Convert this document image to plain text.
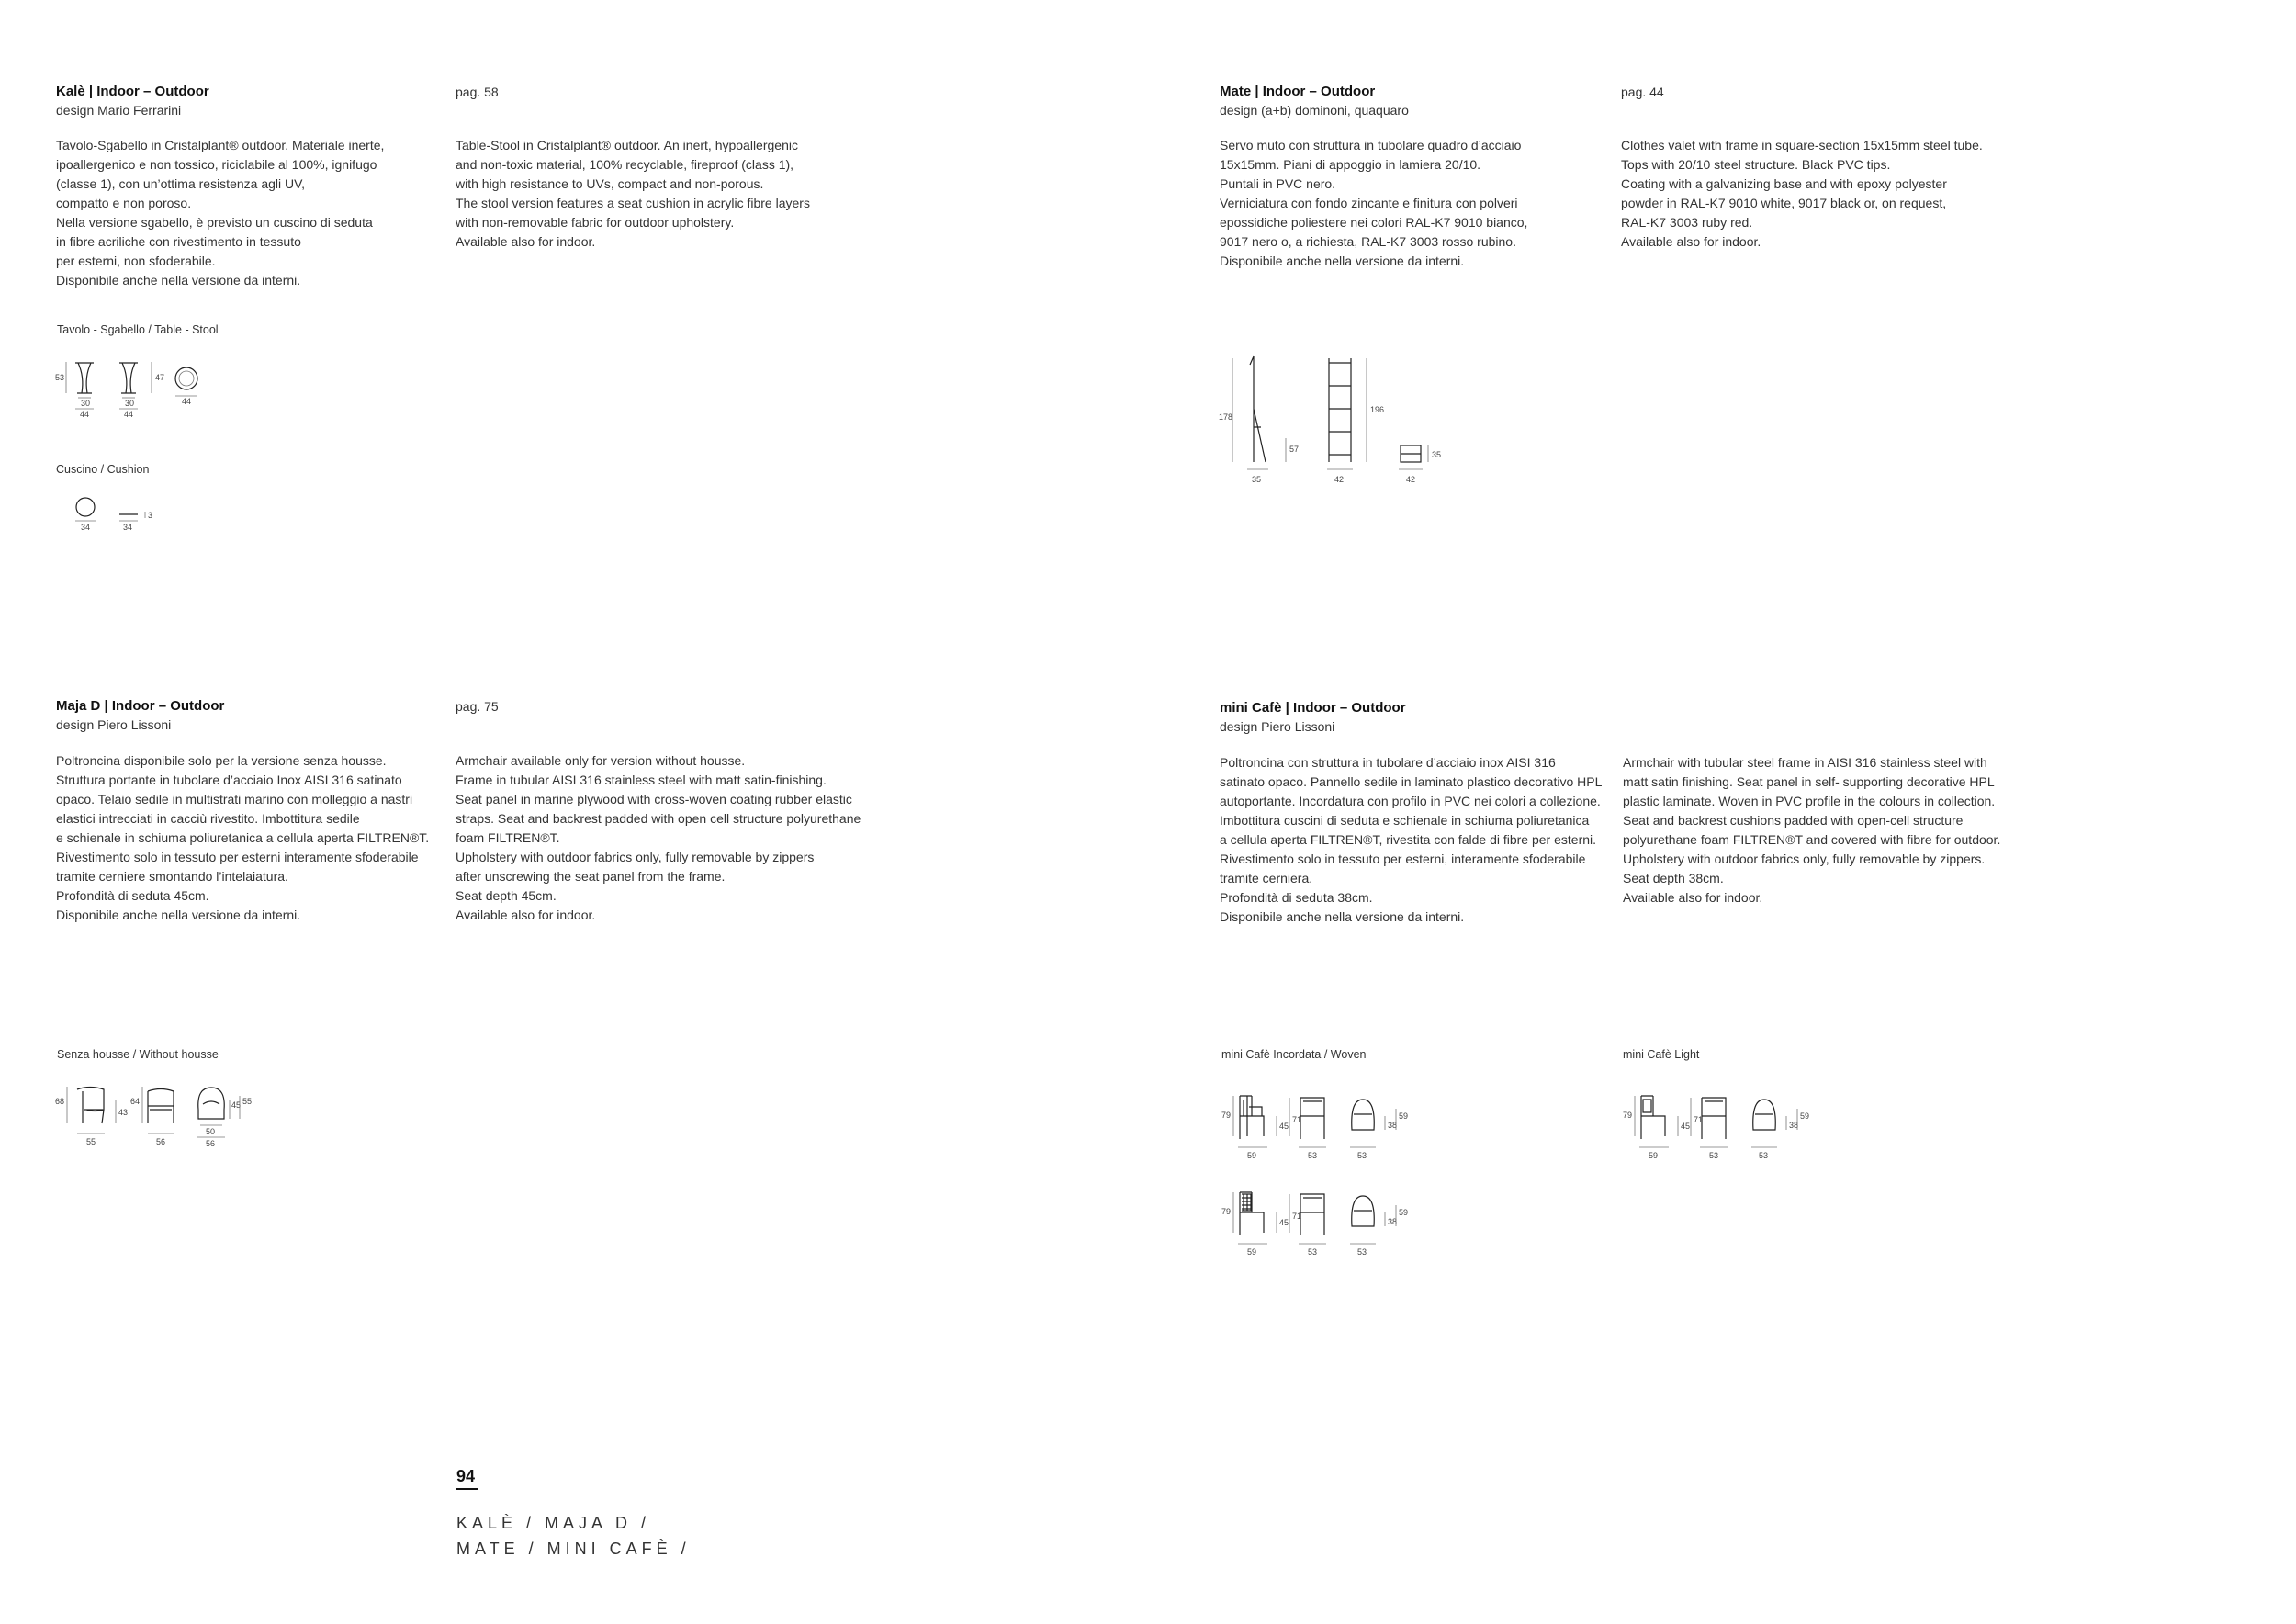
Kalè | Indoor – Outdoor

design Mario Ferrarini

pag. 58

Tavolo-Sgabello in Cristalplant® outdoor. Materiale inerte,

ipoallergenico e non tossico, riciclabile al 100%, ignifugo

(classe 1), con un’ottima resistenza agli UV,

compatto e non poroso.

Nella versione sgabello, è previsto un cuscino di seduta

in fibre acriliche con rivestimento in tessuto

per esterni, non sfoderabile.

Disponibile anche nella versione da interni.

Table-Stool in Cristalplant® outdoor. An inert, hypoallergenic

and non-toxic material, 100% recyclable, fireproof (class 1),

with high resistance to UVs, compact and non-porous.

The stool version features a seat cushion in acrylic fibre layers

with non-removable fabric for outdoor upholstery.

Available also for indoor.

Tavolo - Sgabello / Table - Stool
53
30
44
30
44
47
44
Cuscino / Cushion
34	34
3

Mate | Indoor – Outdoor

design (a+b) dominoni, quaquaro

pag. 44

Servo muto con struttura in tubolare quadro d’acciaio

15x15mm. Piani di appoggio in lamiera 20/10.

Puntali in PVC nero.

Verniciatura con fondo zincante e finitura con polveri

epossidiche poliestere nei colori RAL-K7 9010 bianco,

9017 nero o, a richiesta, RAL-K7 3003 rosso rubino.

Disponibile anche nella versione da interni.

Clothes valet with frame in square-section 15x15mm steel tube.

Tops with 20/10 steel structure. Black PVC tips.

Coating with a galvanizing base and with epoxy polyester

powder in RAL-K7 9010 white, 9017 black or, on request,

RAL-K7 3003 ruby red.

Available also for indoor.

178
35
57
42
196
42
35

Maja D | Indoor – Outdoor

design Piero Lissoni

pag. 75

Poltroncina disponibile solo per la versione senza housse.

Struttura portante in tubolare d’acciaio Inox AISI 316 satinato

opaco. Telaio sedile in multistrati marino con molleggio a nastri

elastici intrecciati in cacciù rivestito. Imbottitura sedile

e schienale in schiuma poliuretanica a cellula aperta FILTREN®T.

Rivestimento solo in tessuto per esterni interamente sfoderabile

tramite cerniere smontando l’intelaiatura.

Profondità di seduta 45cm.

Disponibile anche nella versione da interni.

Armchair available only for version without housse.

Frame in tubular AISI 316 stainless steel with matt satin-finishing.

Seat panel in marine plywood with cross-woven coating rubber elastic

straps. Seat and backrest padded with open cell structure polyurethane

foam FILTREN®T.

Upholstery with outdoor fabrics only, fully removable by zippers

after unscrewing the seat panel from the frame.

Seat depth 45cm.

Available also for indoor.

Senza housse / Without housse
68
55
43
64
56
50
56
45 55

mini Cafè | Indoor – Outdoor

design Piero Lissoni

Poltroncina con struttura in tubolare d’acciaio inox AISI 316

satinato opaco. Pannello sedile in laminato plastico decorativo HPL

autoportante. Incordatura con profilo in PVC nei colori a collezione.

Imbottitura cuscini di seduta e schienale in schiuma poliuretanica

a cellula aperta FILTREN®T, rivestita con falde di fibre per esterni.

Rivestimento solo in tessuto per esterni, interamente sfoderabile

tramite cerniera.

Profondità di seduta 38cm.

Disponibile anche nella versione da interni.

Armchair with tubular steel frame in AISI 316 stainless steel with

matt satin finishing. Seat panel in self- supporting decorative HPL

plastic laminate. Woven in PVC profile in the colours in collection.

Seat and backrest cushions padded with open-cell structure

polyurethane foam FILTREN®T and covered with fibre for outdoor.

Upholstery with outdoor fabrics only, fully removable by zippers.

Seat depth 38cm.

Available also for indoor.

mini Cafè Incordata / Woven	mini Cafè Light
79
59
45
71
53	53
38
59
79
59
45
71
53	53
38
59
79
59
45
71
53	53
38
59
94

KALÈ / MAJA D /

MATE / MINI CAFÈ /
